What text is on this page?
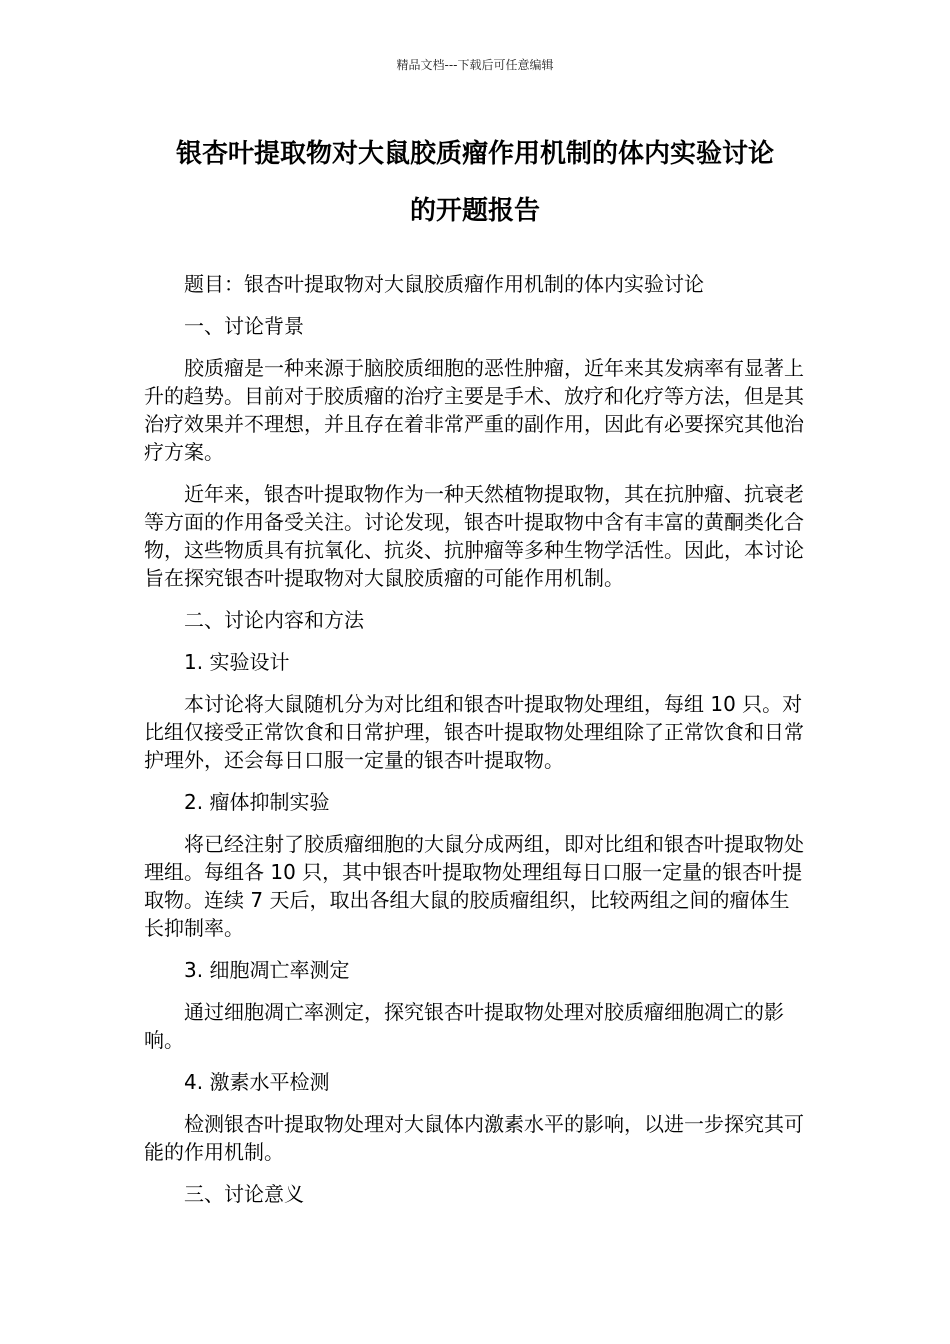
精品文档---下载后可任意编辑
银杏叶提取物对大鼠胶质瘤作用机制的体内实验讨论
的开题报告

题目：银杏叶提取物对大鼠胶质瘤作用机制的体内实验讨论

一、讨论背景

胶质瘤是一种来源于脑胶质细胞的恶性肿瘤，近年来其发病率有显著上升的趋势。目前对于胶质瘤的治疗主要是手术、放疗和化疗等方法，但是其治疗效果并不理想，并且存在着非常严重的副作用，因此有必要探究其他治疗方案。

近年来，银杏叶提取物作为一种天然植物提取物，其在抗肿瘤、抗衰老等方面的作用备受关注。讨论发现，银杏叶提取物中含有丰富的黄酮类化合物，这些物质具有抗氧化、抗炎、抗肿瘤等多种生物学活性。因此，本讨论旨在探究银杏叶提取物对大鼠胶质瘤的可能作用机制。

二、讨论内容和方法

1. 实验设计

本讨论将大鼠随机分为对比组和银杏叶提取物处理组，每组 10 只。对比组仅接受正常饮食和日常护理，银杏叶提取物处理组除了正常饮食和日常护理外，还会每日口服一定量的银杏叶提取物。

2. 瘤体抑制实验

将已经注射了胶质瘤细胞的大鼠分成两组，即对比组和银杏叶提取物处理组。每组各 10 只，其中银杏叶提取物处理组每日口服一定量的银杏叶提取物。连续 7 天后，取出各组大鼠的胶质瘤组织，比较两组之间的瘤体生长抑制率。

3. 细胞凋亡率测定

通过细胞凋亡率测定，探究银杏叶提取物处理对胶质瘤细胞凋亡的影响。

4. 激素水平检测

检测银杏叶提取物处理对大鼠体内激素水平的影响，以进一步探究其可能的作用机制。

三、讨论意义
